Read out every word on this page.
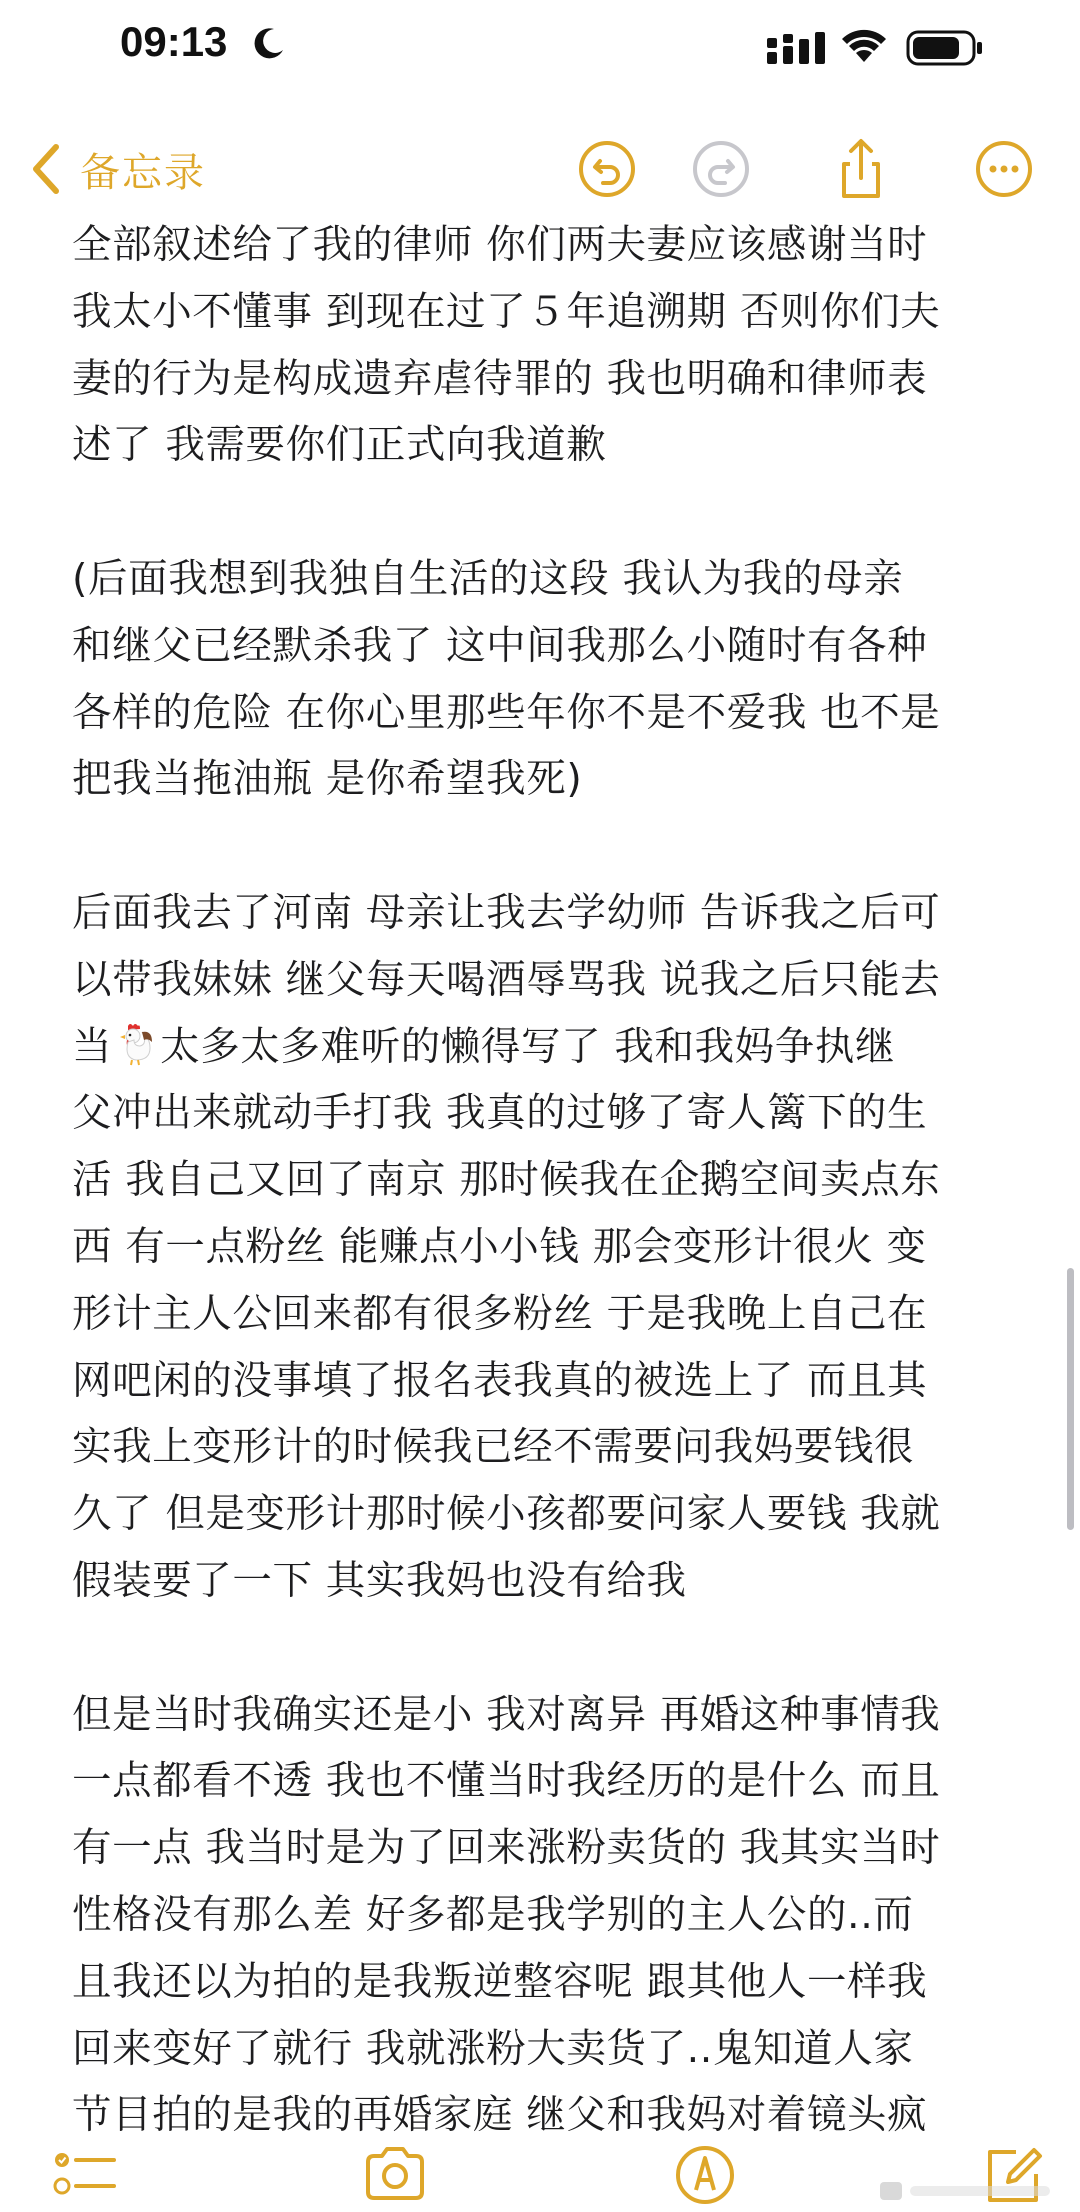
09:13
备忘录
全部叙述给了我的律师 你们两夫妻应该感谢当时
我太小不懂事 到现在过了５年追溯期 否则你们夫
妻的行为是构成遗弃虐待罪的 我也明确和律师表
述了 我需要你们正式向我道歉
(后面我想到我独自生活的这段 我认为我的母亲
和继父已经默杀我了 这中间我那么小随时有各种
各样的危险 在你心里那些年你不是不爱我 也不是
把我当拖油瓶 是你希望我死)
后面我去了河南 母亲让我去学幼师 告诉我之后可
以带我妹妹 继父每天喝酒辱骂我 说我之后只能去
当 太多太多难听的懒得写了 我和我妈争执继
父冲出来就动手打我 我真的过够了寄人篱下的生
活 我自己又回了南京 那时候我在企鹅空间卖点东
西 有一点粉丝 能赚点小小钱 那会变形计很火 变
形计主人公回来都有很多粉丝 于是我晚上自己在
网吧闲的没事填了报名表我真的被选上了 而且其
实我上变形计的时候我已经不需要问我妈要钱很
久了 但是变形计那时候小孩都要问家人要钱 我就
假装要了一下 其实我妈也没有给我
但是当时我确实还是小 我对离异 再婚这种事情我
一点都看不透 我也不懂当时我经历的是什么 而且
有一点 我当时是为了回来涨粉卖货的 我其实当时
性格没有那么差 好多都是我学别的主人公的..而
且我还以为拍的是我叛逆整容呢 跟其他人一样我
回来变好了就行 我就涨粉大卖货了..鬼知道人家
节目拍的是我的再婚家庭 继父和我妈对着镜头疯
